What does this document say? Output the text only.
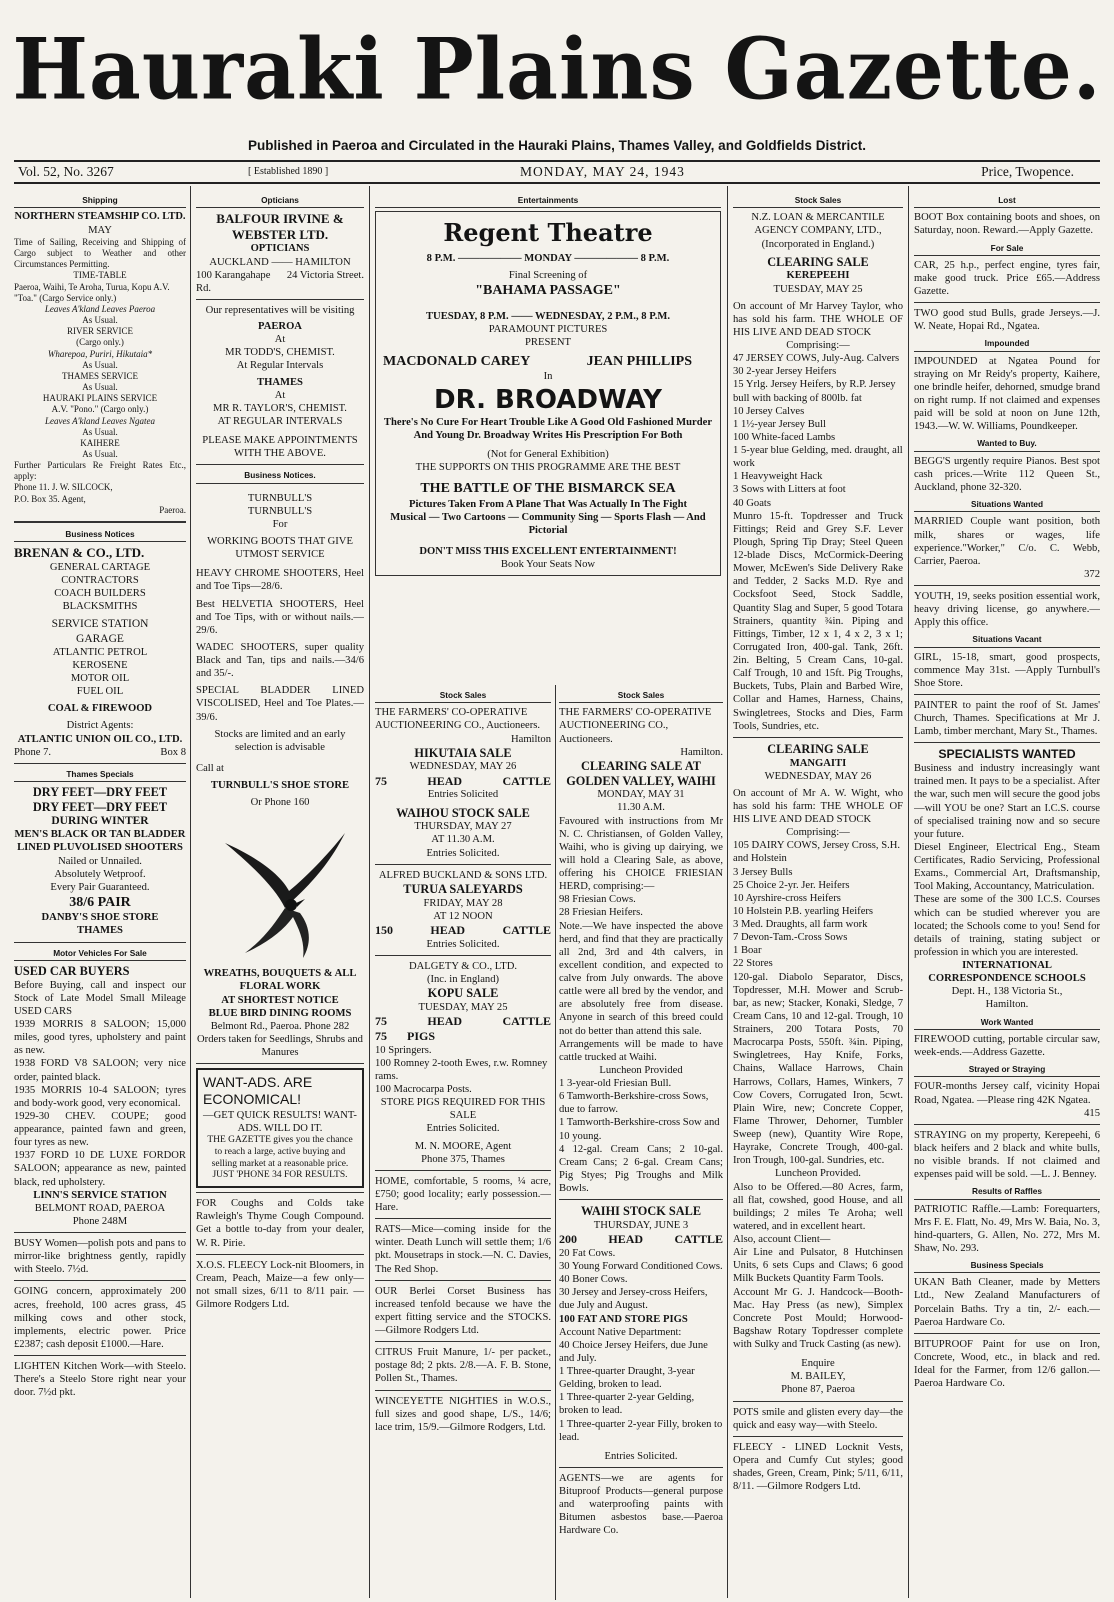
Hauraki Plains Gazette.
Published in Paeroa and Circulated in the Hauraki Plains, Thames Valley, and Goldfields District.
Vol. 52, No. 3267	[ Established 1890 ]	MONDAY, MAY 24, 1943	Price, Twopence.
Shipping
NORTHERN STEAMSHIP CO. LTD.
MAY
Time of Sailing, Receiving and Shipping of Cargo subject to Weather and other Circumstances Permitting.
TIME-TABLE
Paeroa, Waihi, Te Aroha, Turua, Kopu A.V. "Toa." (Cargo Service only.)
Leaves A'kland Leaves Paeroa
As Usual.
RIVER SERVICE
(Cargo only.)
Wharepoa, Puriri, Hikutaia*
As Usual.
THAMES SERVICE
As Usual.
HAURAKI PLAINS SERVICE
A.V. "Pono." (Cargo only.)
Leaves A'kland Leaves Ngatea
As Usual.
KAIHERE
As Usual.
Further Particulars Re Freight Rates Etc., apply:
Phone 11. J. W. SILCOCK,
P.O. Box 35. Agent,
Paeroa.
Business Notices
BRENAN & CO., LTD.
GENERAL CARTAGE CONTRACTORS
COACH BUILDERS
BLACKSMITHS
SERVICE STATION
GARAGE
ATLANTIC PETROL
KEROSENE
MOTOR OIL
FUEL OIL
COAL & FIREWOOD
District Agents:
ATLANTIC UNION OIL CO., LTD.
Phone 7.	Box 8
Thames Specials
DRY FEET—DRY FEET
DRY FEET—DRY FEET
DURING WINTER
MEN'S BLACK OR TAN BLADDER LINED PLUVOLISED SHOOTERS
Nailed or Unnailed.
Absolutely Wetproof.
Every Pair Guaranteed.
38/6 PAIR
DANBY'S SHOE STORE
THAMES
Motor Vehicles For Sale
USED CAR BUYERS
Before Buying, call and inspect our Stock of Late Model Small Mileage USED CARS
1939 MORRIS 8 SALOON; 15,000 miles, good tyres, upholstery and paint as new.
1938 FORD V8 SALOON; very nice order, painted black.
1935 MORRIS 10-4 SALOON; tyres and body-work good, very economical.
1929-30 CHEV. COUPE; good appearance, painted fawn and green, four tyres as new.
1937 FORD 10 DE LUXE FORDOR SALOON; appearance as new, painted black, red upholstery.
LINN'S SERVICE STATION
BELMONT ROAD, PAEROA
Phone 248M
BUSY Women—polish pots and pans to mirror-like brightness gently, rapidly with Steelo. 7½d.
GOING concern, approximately 200 acres, freehold, 100 acres grass, 45 milking cows and other stock, implements, electric power. Price £2387; cash deposit £1000.—Hare.
LIGHTEN Kitchen Work—with Steelo. There's a Steelo Store right near your door. 7½d pkt.
Opticians
BALFOUR IRVINE & WEBSTER LTD.
OPTICIANS
AUCKLAND —— HAMILTON
100 Karangahape Rd.
24 Victoria Street.
Our representatives will be visiting
PAEROA
At
MR TODD'S, CHEMIST.
At Regular Intervals
THAMES
At
MR R. TAYLOR'S, CHEMIST.
AT REGULAR INTERVALS
PLEASE MAKE APPOINTMENTS WITH THE ABOVE.
Business Notices.
TURNBULL'S
TURNBULL'S
For
WORKING BOOTS THAT GIVE UTMOST SERVICE
HEAVY CHROME SHOOTERS, Heel and Toe Tips—28/6.
Best HELVETIA SHOOTERS, Heel and Toe Tips, with or without nails.—29/6.
WADEC SHOOTERS, super quality Black and Tan, tips and nails.—34/6 and 35/-.
SPECIAL BLADDER LINED VISCOLISED, Heel and Toe Plates.—39/6.
Stocks are limited and an early selection is advisable
Call at
TURNBULL'S SHOE STORE
Or Phone 160
WREATHS, BOUQUETS & ALL FLORAL WORK
AT SHORTEST NOTICE
BLUE BIRD DINING ROOMS
Belmont Rd., Paeroa. Phone 282
Orders taken for Seedlings, Shrubs and Manures
WANT-ADS. ARE ECONOMICAL!
—GET QUICK RESULTS! WANT-ADS. WILL DO IT.
THE GAZETTE gives you the chance to reach a large, active buying and selling market at a reasonable price.
JUST 'PHONE 34 FOR RESULTS.
FOR Coughs and Colds take Rawleigh's Thyme Cough Compound. Get a bottle to-day from your dealer, W. R. Pirie.
X.O.S. FLEECY Lock-nit Bloomers, in Cream, Peach, Maize—a few only—not small sizes, 6/11 to 8/11 pair. —Gilmore Rodgers Ltd.
Entertainments
Regent Theatre
8 P.M. —————— MONDAY —————— 8 P.M.
Final Screening of
"BAHAMA PASSAGE"
TUESDAY, 8 P.M. —— WEDNESDAY, 2 P.M., 8 P.M.
PARAMOUNT PICTURES
PRESENT
MACDONALD CAREY	JEAN PHILLIPS
In
DR. BROADWAY
There's No Cure For Heart Trouble Like A Good Old Fashioned Murder And Young Dr. Broadway Writes His Prescription For Both
(Not for General Exhibition)
THE SUPPORTS ON THIS PROGRAMME ARE THE BEST
THE BATTLE OF THE BISMARCK SEA
Pictures Taken From A Plane That Was Actually In The Fight
Musical — Two Cartoons — Community Sing — Sports Flash — And Pictorial
DON'T MISS THIS EXCELLENT ENTERTAINMENT!
Book Your Seats Now
Stock Sales
THE FARMERS' CO-OPERATIVE AUCTIONEERING CO., Auctioneers.
Hamilton
HIKUTAIA SALE
WEDNESDAY, MAY 26
75	HEAD	CATTLE
Entries Solicited
WAIHOU STOCK SALE
THURSDAY, MAY 27
AT 11.30 A.M.
Entries Solicited.
ALFRED BUCKLAND & SONS LTD.
TURUA SALEYARDS
FRIDAY, MAY 28
AT 12 NOON
150	HEAD	CATTLE
Entries Solicited.
DALGETY & CO., LTD.
(Inc. in England)
KOPU SALE
TUESDAY, MAY 25
75	HEAD	CATTLE
75 PIGS
10 Springers.
100 Romney 2-tooth Ewes, r.w. Romney rams.
100 Macrocarpa Posts.
STORE PIGS REQUIRED FOR THIS SALE
Entries Solicited.
M. N. MOORE, Agent
Phone 375, Thames
HOME, comfortable, 5 rooms, ¼ acre, £750; good locality; early possession.—Hare.
RATS—Mice—coming inside for the winter. Death Lunch will settle them; 1/6 pkt. Mousetraps in stock.—N. C. Davies, The Red Shop.
OUR Berlei Corset Business has increased tenfold because we have the expert fitting service and the STOCKS.—Gilmore Rodgers Ltd.
CITRUS Fruit Manure, 1/- per packet., postage 8d; 2 pkts. 2/8.—A. F. B. Stone, Pollen St., Thames.
WINCEYETTE NIGHTIES in W.O.S., full sizes and good shape, L/S., 14/6; lace trim, 15/9.—Gilmore Rodgers, Ltd.
Stock Sales
THE FARMERS' CO-OPERATIVE AUCTIONEERING CO., Auctioneers.
Hamilton.
CLEARING SALE AT GOLDEN VALLEY, WAIHI
MONDAY, MAY 31
11.30 A.M.
Favoured with instructions from Mr N. C. Christiansen, of Golden Valley, Waihi, who is giving up dairying, we will hold a Clearing Sale, as above, offering his CHOICE FRIESIAN HERD, comprising:—
98 Friesian Cows.
28 Friesian Heifers.
Note.—We have inspected the above herd, and find that they are practically all 2nd, 3rd and 4th calvers, in excellent condition, and expected to calve from July onwards. The above cattle were all bred by the vendor, and are absolutely free from disease. Anyone in search of this breed could not do better than attend this sale.
Arrangements will be made to have cattle trucked at Waihi.
Luncheon Provided
1 3-year-old Friesian Bull.
6 Tamworth-Berkshire-cross Sows, due to farrow.
1 Tamworth-Berkshire-cross Sow and 10 young.
4 12-gal. Cream Cans; 2 10-gal. Cream Cans; 2 6-gal. Cream Cans; Pig Styes; Pig Troughs and Milk Bowls.
WAIHI STOCK SALE
THURSDAY, JUNE 3
200	HEAD	CATTLE
20 Fat Cows.
30 Young Forward Conditioned Cows.
40 Boner Cows.
30 Jersey and Jersey-cross Heifers, due July and August.
100 FAT AND STORE PIGS
Account Native Department:
40 Choice Jersey Heifers, due June and July.
1 Three-quarter Draught, 3-year Gelding, broken to lead.
1 Three-quarter 2-year Gelding, broken to lead.
1 Three-quarter 2-year Filly, broken to lead.
Entries Solicited.
AGENTS—we are agents for Bituproof Products—general purpose and waterproofing paints with Bitumen asbestos base.—Paeroa Hardware Co.
Stock Sales
N.Z. LOAN & MERCANTILE AGENCY COMPANY, LTD., (Incorporated in England.)
CLEARING SALE
KEREPEEHI
TUESDAY, MAY 25
On account of Mr Harvey Taylor, who has sold his farm. THE WHOLE OF HIS LIVE AND DEAD STOCK
Comprising:—
47 JERSEY COWS, July-Aug. Calvers
30 2-year Jersey Heifers
15 Yrlg. Jersey Heifers, by R.P. Jersey bull with backing of 800lb. fat
10 Jersey Calves
1 1½-year Jersey Bull
100 White-faced Lambs
1 5-year blue Gelding, med. draught, all work
1 Heavyweight Hack
3 Sows with Litters at foot
40 Goats
Munro 15-ft. Topdresser and Truck Fittings; Reid and Grey S.F. Lever Plough, Spring Tip Dray; Steel Queen 12-blade Discs, McCormick-Deering Mower, McEwen's Side Delivery Rake and Tedder, 2 Sacks M.D. Rye and Cocksfoot Seed, Stock Saddle, Quantity Slag and Super, 5 good Totara Strainers, quantity ¾in. Piping and Fittings, Timber, 12 x 1, 4 x 2, 3 x 1; Corrugated Iron, 400-gal. Tank, 26ft. 2in. Belting, 5 Cream Cans, 10-gal. Calf Trough, 10 and 15ft. Pig Troughs, Buckets, Tubs, Plain and Barbed Wire, Collar and Hames, Harness, Chains, Swingletrees, Stocks and Dies, Farm Tools, Sundries, etc.
CLEARING SALE
MANGAITI
WEDNESDAY, MAY 26
On account of Mr A. W. Wight, who has sold his farm: THE WHOLE OF HIS LIVE AND DEAD STOCK
Comprising:—
105 DAIRY COWS, Jersey Cross, S.H. and Holstein
3 Jersey Bulls
25 Choice 2-yr. Jer. Heifers
10 Ayrshire-cross Heifers
10 Holstein P.B. yearling Heifers
3 Med. Draughts, all farm work
7 Devon-Tam.-Cross Sows
1 Boar
22 Stores
120-gal. Diabolo Separator, Discs, Topdresser, M.H. Mower and Scrub-bar, as new; Stacker, Konaki, Sledge, 7 Cream Cans, 10 and 12-gal. Trough, 10 Strainers, 200 Totara Posts, 70 Macrocarpa Posts, 550ft. ¾in. Piping, Swingletrees, Hay Knife, Forks, Chains, Wallace Harrows, Chain Harrows, Collars, Hames, Winkers, 7 Cow Covers, Corrugated Iron, 5cwt. Plain Wire, new; Concrete Copper, Flame Thrower, Dehorner, Tumbler Sweep (new), Quantity Wire Rope, Hayrake, Concrete Trough, 400-gal. Iron Trough, 100-gal. Sundries, etc.
Luncheon Provided.
Also to be Offered.—80 Acres, farm, all flat, cowshed, good House, and all buildings; 2 miles Te Aroha; well watered, and in excellent heart.
Also, account Client—
Air Line and Pulsator, 8 Hutchinsen Units, 6 sets Cups and Claws; 6 good Milk Buckets Quantity Farm Tools.
Account Mr G. J. Handcock—Booth-Mac. Hay Press (as new), Simplex Concrete Post Mould; Horwood-Bagshaw Rotary Topdresser complete with Sulky and Truck Casting (as new).
Enquire
M. BAILEY,
Phone 87, Paeroa
POTS smile and glisten every day—the quick and easy way—with Steelo.
FLEECY - LINED Locknit Vests, Opera and Cumfy Cut styles; good shades, Green, Cream, Pink; 5/11, 6/11, 8/11. —Gilmore Rodgers Ltd.
Lost
BOOT Box containing boots and shoes, on Saturday, noon. Reward.—Apply Gazette.
For Sale
CAR, 25 h.p., perfect engine, tyres fair, make good truck. Price £65.—Address Gazette.
TWO good stud Bulls, grade Jerseys.—J. W. Neate, Hopai Rd., Ngatea.
Impounded
IMPOUNDED at Ngatea Pound for straying on Mr Reidy's property, Kaihere, one brindle heifer, dehorned, smudge brand on right rump. If not claimed and expenses paid will be sold at noon on June 12th, 1943.—W. W. Williams, Poundkeeper.
Wanted to Buy.
BEGG'S urgently require Pianos. Best spot cash prices.—Write 112 Queen St., Auckland, phone 32-320.
Situations Wanted
MARRIED Couple want position, both milk, shares or wages, life experience."Worker," C/o. C. Webb, Carrier, Paeroa.
372
YOUTH, 19, seeks position essential work, heavy driving license, go anywhere.—Apply this office.
Situations Vacant
GIRL, 15-18, smart, good prospects, commence May 31st. —Apply Turnbull's Shoe Store.
PAINTER to paint the roof of St. James' Church, Thames. Specifications at Mr J. Lamb, timber merchant, Mary St., Thames.
SPECIALISTS WANTED
Business and industry increasingly want trained men. It pays to be a specialist. After the war, such men will secure the good jobs—will YOU be one? Start an I.C.S. course of specialised training now and so secure your future.
Diesel Engineer, Electrical Eng., Steam Certificates, Radio Servicing, Professional Exams., Commercial Art, Draftsmanship, Tool Making, Accountancy, Matriculation.
These are some of the 300 I.C.S. Courses which can be studied wherever you are located; the Schools come to you! Send for details of training, stating subject or profession in which you are interested.
INTERNATIONAL CORRESPONDENCE SCHOOLS
Dept. H., 138 Victoria St.,
Hamilton.
Work Wanted
FIREWOOD cutting, portable circular saw, week-ends.—Address Gazette.
Strayed or Straying
FOUR-months Jersey calf, vicinity Hopai Road, Ngatea. —Please ring 42K Ngatea.
415
STRAYING on my property, Kerepeehi, 6 black heifers and 2 black and white bulls, no visible brands. If not claimed and expenses paid will be sold. —L. J. Benney.
Results of Raffles
PATRIOTIC Raffle.—Lamb: Forequarters, Mrs F. E. Flatt, No. 49, Mrs W. Baia, No. 3, hind-quarters, G. Allen, No. 272, Mrs M. Shaw, No. 293.
Business Specials
UKAN Bath Cleaner, made by Metters Ltd., New Zealand Manufacturers of Porcelain Baths. Try a tin, 2/- each.—Paeroa Hardware Co.
BITUPROOF Paint for use on Iron, Concrete, Wood, etc., in black and red. Ideal for the Farmer, from 12/6 gallon.—Paeroa Hardware Co.
